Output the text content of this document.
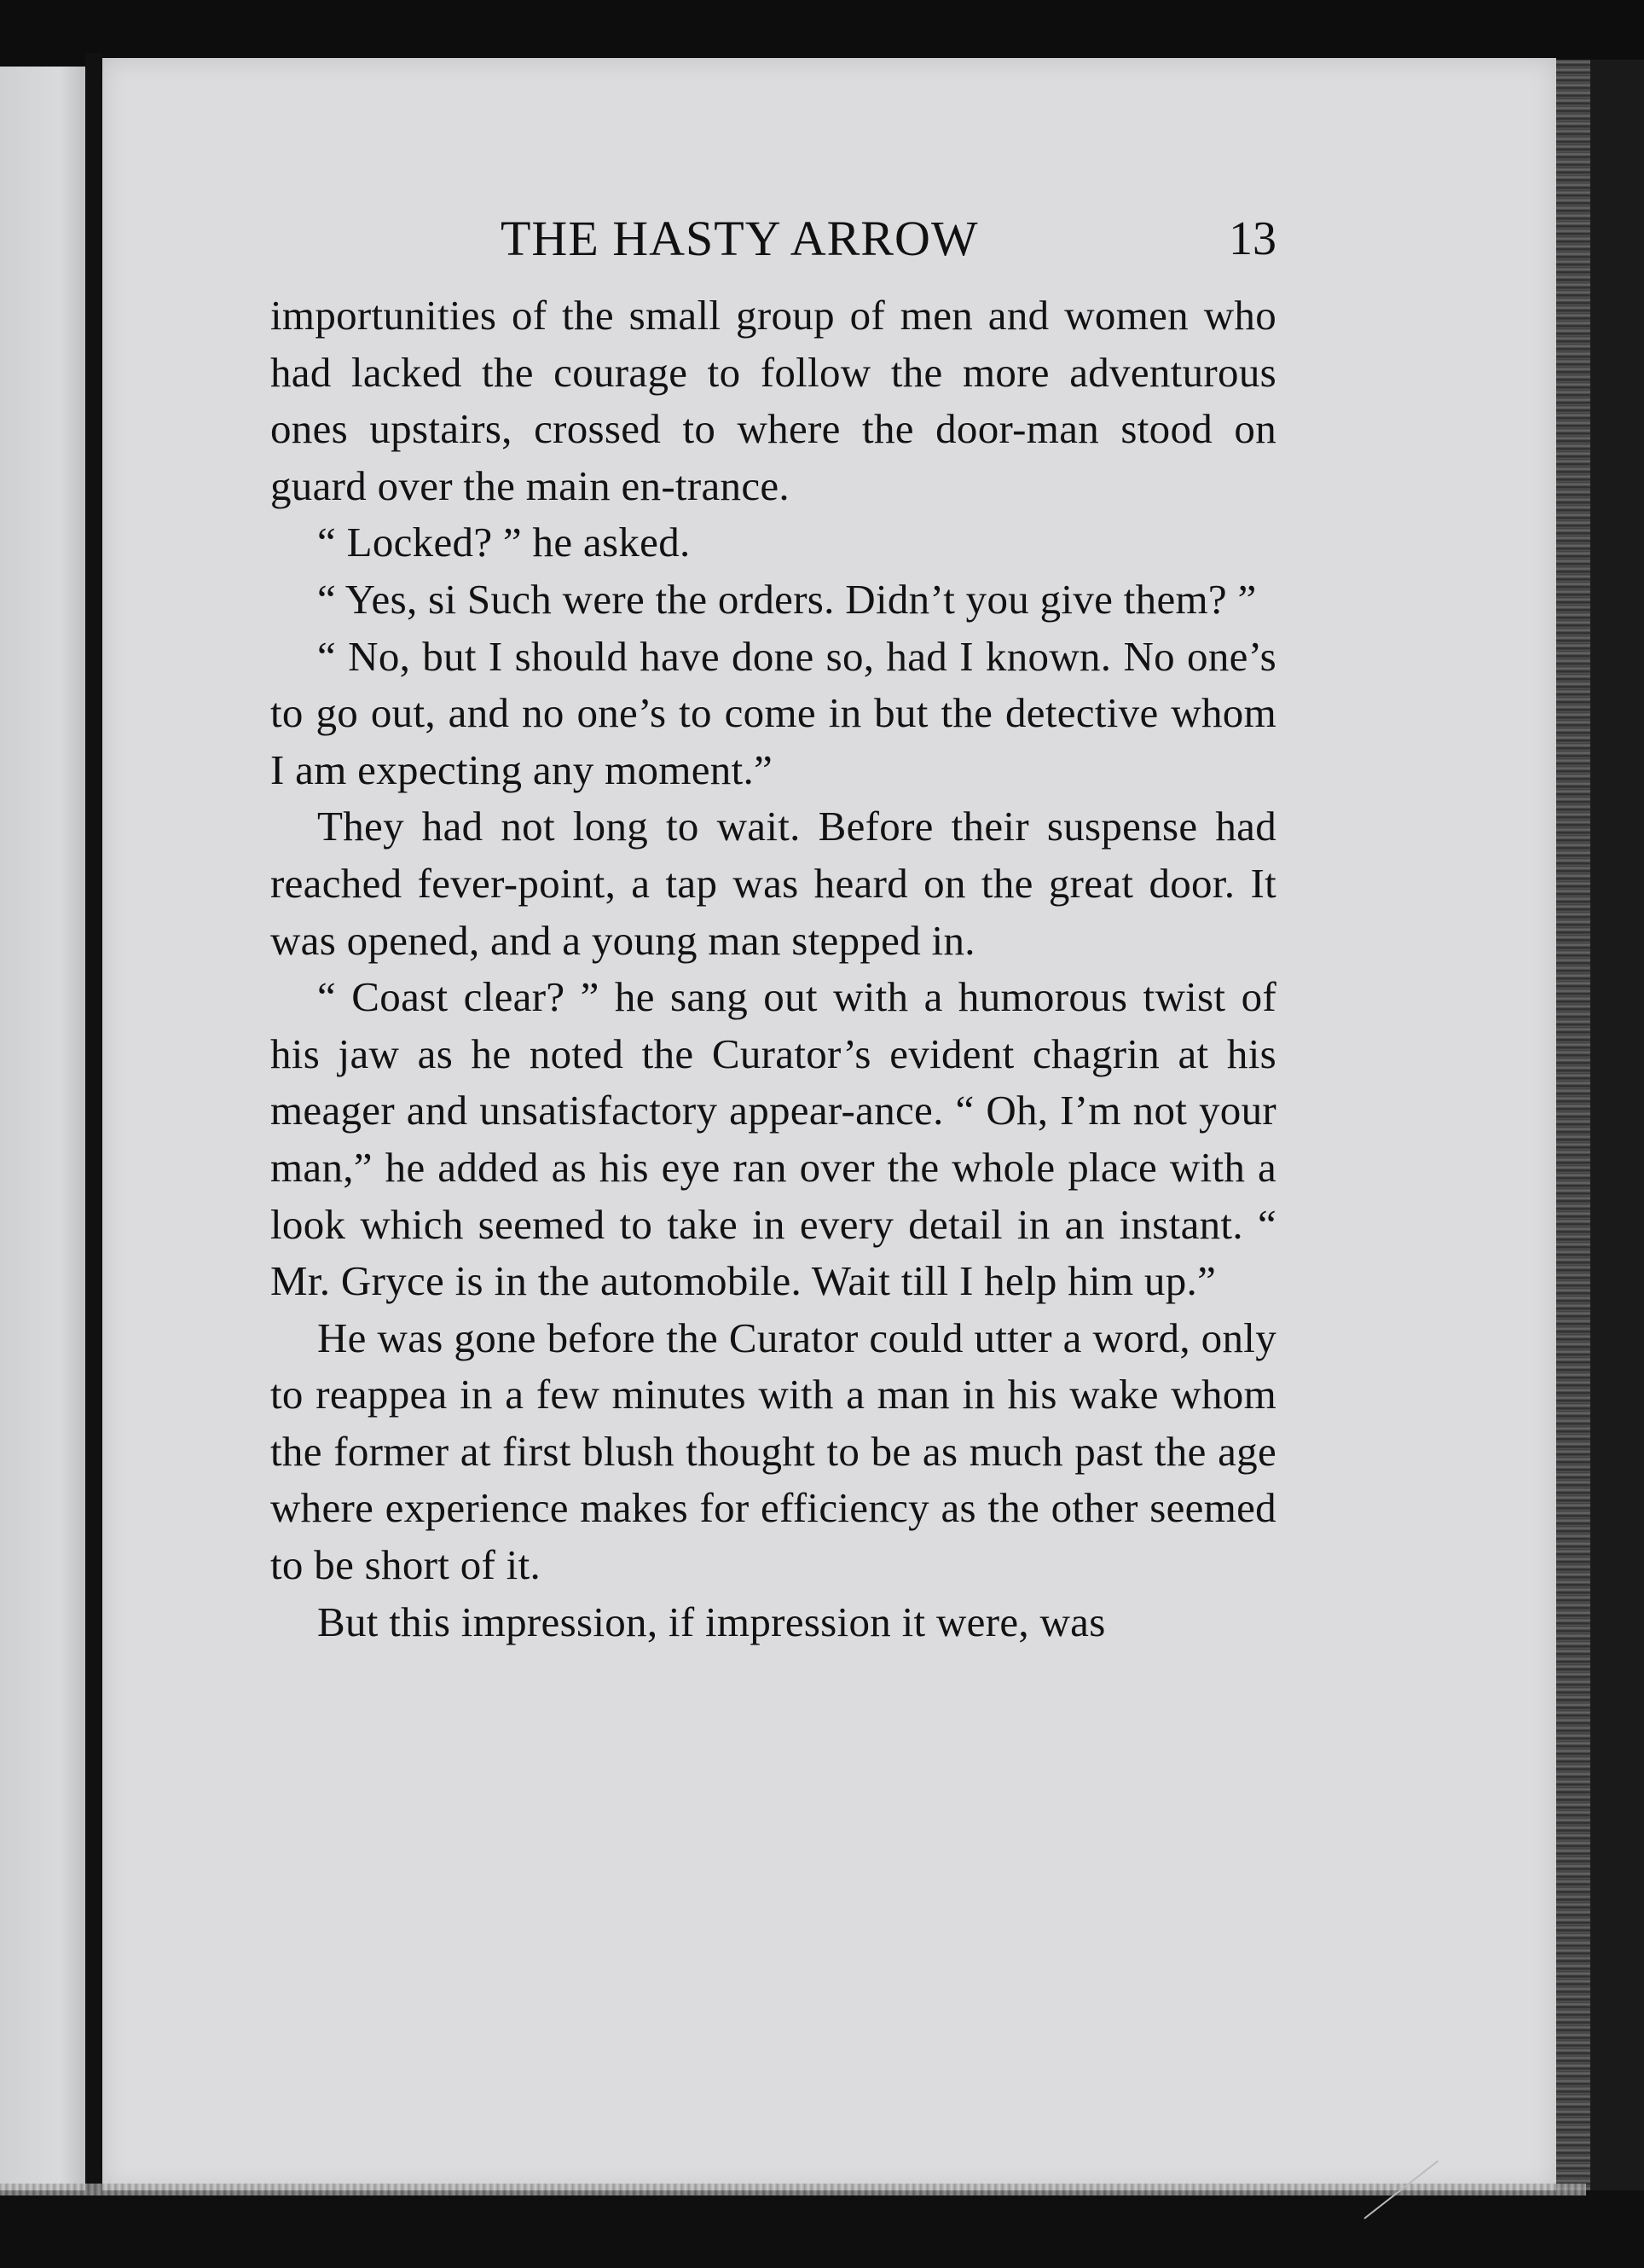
THE HASTY ARROW	13

importunities of the small group of men and women who had lacked the courage to follow the more adventurous ones upstairs, crossed to where the door-man stood on guard over the main en-trance.

“ Locked? ” he asked.

“ Yes, si Such were the orders. Didn’t you give them? ”

“ No, but I should have done so, had I known. No one’s to go out, and no one’s to come in but the detective whom I am expecting any moment.”

They had not long to wait. Before their suspense had reached fever-point, a tap was heard on the great door. It was opened, and a young man stepped in.

“ Coast clear? ” he sang out with a humorous twist of his jaw as he noted the Curator’s evident chagrin at his meager and unsatisfactory appear-ance. “ Oh, I’m not your man,” he added as his eye ran over the whole place with a look which seemed to take in every detail in an instant. “ Mr. Gryce is in the automobile. Wait till I help him up.”

He was gone before the Curator could utter a word, only to reappea in a few minutes with a man in his wake whom the former at first blush thought to be as much past the age where experience makes for efficiency as the other seemed to be short of it.

But this impression, if impression it were, was
